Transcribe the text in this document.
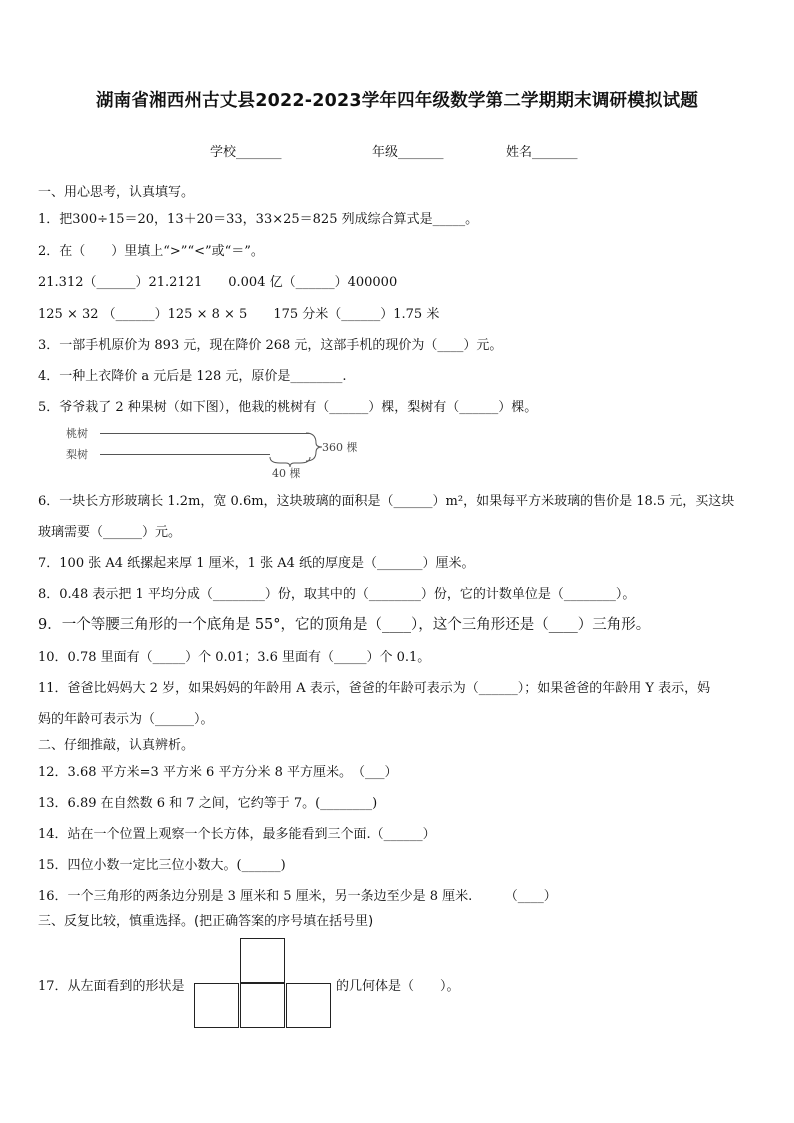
湖南省湘西州古丈县2022-2023学年四年级数学第二学期期末调研模拟试题
学校_______	年级_______	姓名_______
一、用心思考，认真填写。
1．把300÷15＝20，13＋20＝33，33×25＝825 列成综合算式是_____。
2．在（　　）里填上“>”“<”或“＝”。
21.312（______）21.2121　　0.004 亿（______）400000
125 × 32 （______）125 × 8 × 5　　175 分米（______）1.75 米
3．一部手机原价为 893 元，现在降价 268 元，这部手机的现价为（____）元。
4．一种上衣降价 a 元后是 128 元，原价是________.
5．爷爷栽了 2 种果树（如下图），他栽的桃树有（______）棵，梨树有（______）棵。
桃树
梨树
360 棵
40 棵
6．一块长方形玻璃长 1.2m，宽 0.6m，这块玻璃的面积是（______）m²，如果每平方米玻璃的售价是 18.5 元，买这块
玻璃需要（______）元。
7．100 张 A4 纸摞起来厚 1 厘米，1 张 A4 纸的厚度是（_______）厘米。
8．0.48 表示把 1 平均分成（________）份，取其中的（________）份，它的计数单位是（________）。
9．一个等腰三角形的一个底角是 55°，它的顶角是（____），这个三角形还是（____）三角形。
10．0.78 里面有（_____）个 0.01；3.6 里面有（_____）个 0.1。
11．爸爸比妈妈大 2 岁，如果妈妈的年龄用 A 表示，爸爸的年龄可表示为（______）；如果爸爸的年龄用 Y 表示，妈
妈的年龄可表示为（______）。
二、仔细推敲，认真辨析。
12．3.68 平方米=3 平方米 6 平方分米 8 平方厘米。　（___）
13．6.89 在自然数 6 和 7 之间，它约等于 7。(________)
14．站在一个位置上观察一个长方体，最多能看到三个面.（______）
15．四位小数一定比三位小数大。(______)
16．一个三角形的两条边分别是 3 厘米和 5 厘米，另一条边至少是 8 厘米.　　　（____）
三、反复比较，慎重选择。(把正确答案的序号填在括号里)
17．从左面看到的形状是	的几何体是（　　）。
